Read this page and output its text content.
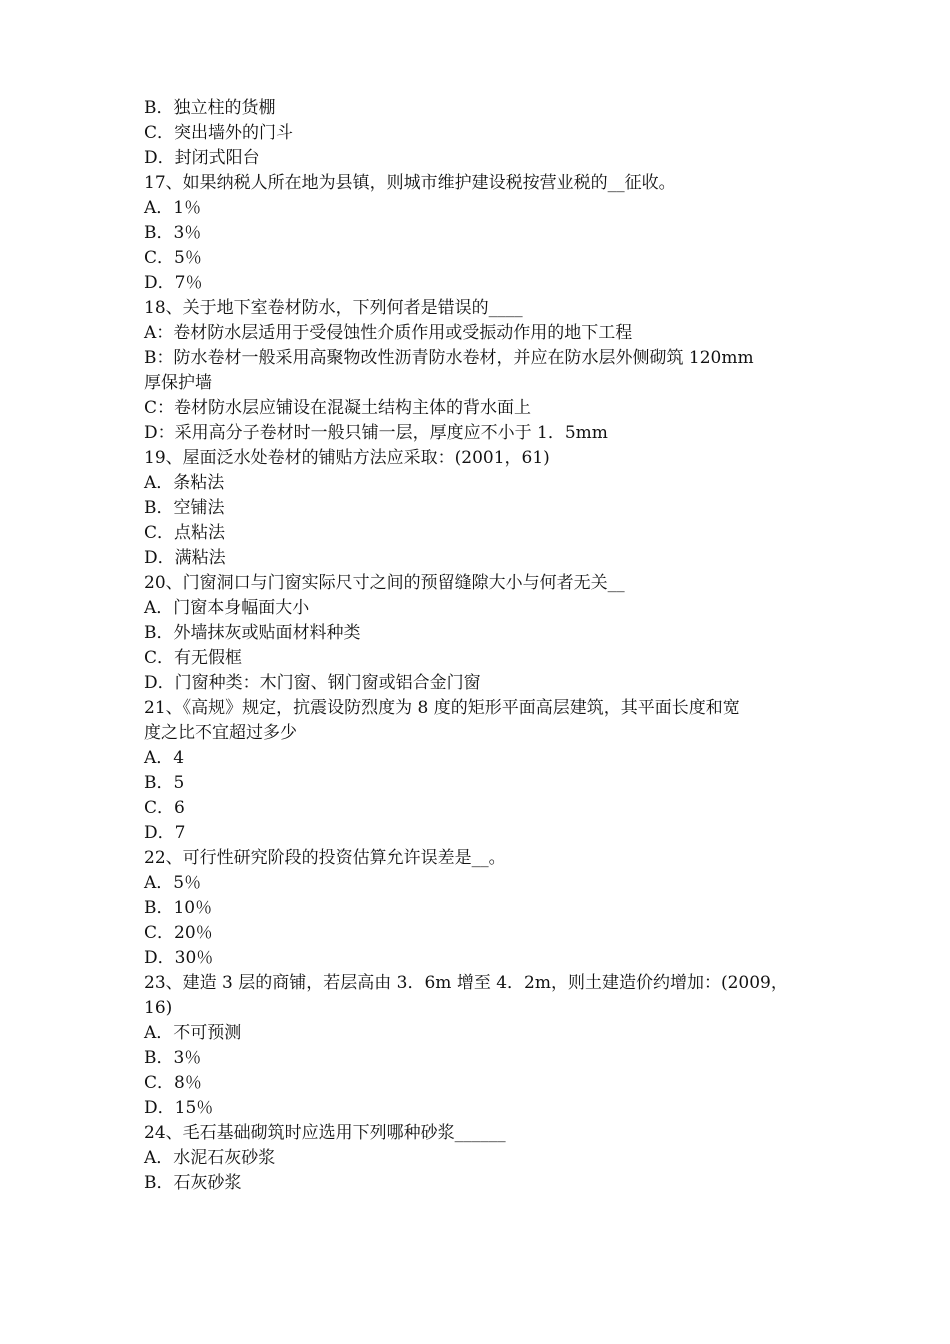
B．独立柱的货棚

C．突出墙外的门斗

D．封闭式阳台

17、如果纳税人所在地为县镇，则城市维护建设税按营业税的__征收。

A．1％

B．3％

C．5％

D．7％

18、关于地下室卷材防水，下列何者是错误的____

A：卷材防水层适用于受侵蚀性介质作用或受振动作用的地下工程

B：防水卷材一般采用高聚物改性沥青防水卷材，并应在防水层外侧砌筑 120mm

厚保护墙

C：卷材防水层应铺设在混凝土结构主体的背水面上

D：采用高分子卷材时一般只铺一层，厚度应不小于 1．5mm

19、屋面泛水处卷材的铺贴方法应采取：(2001，61)

A．条粘法

B．空铺法

C．点粘法

D．满粘法

20、门窗洞口与门窗实际尺寸之间的预留缝隙大小与何者无关__

A．门窗本身幅面大小

B．外墙抹灰或贴面材料种类

C．有无假框

D．门窗种类：木门窗、钢门窗或铝合金门窗

21、《高规》规定，抗震设防烈度为 8 度的矩形平面高层建筑，其平面长度和宽

度之比不宜超过多少

A．4

B．5

C．6

D．7

22、可行性研究阶段的投资估算允许误差是__。

A．5％

B．10％

C．20％

D．30％

23、建造 3 层的商铺，若层高由 3．6m 增至 4．2m，则土建造价约增加：(2009，

16)

A．不可预测

B．3％

C．8％

D．15％

24、毛石基础砌筑时应选用下列哪种砂浆______

A．水泥石灰砂浆

B．石灰砂浆
